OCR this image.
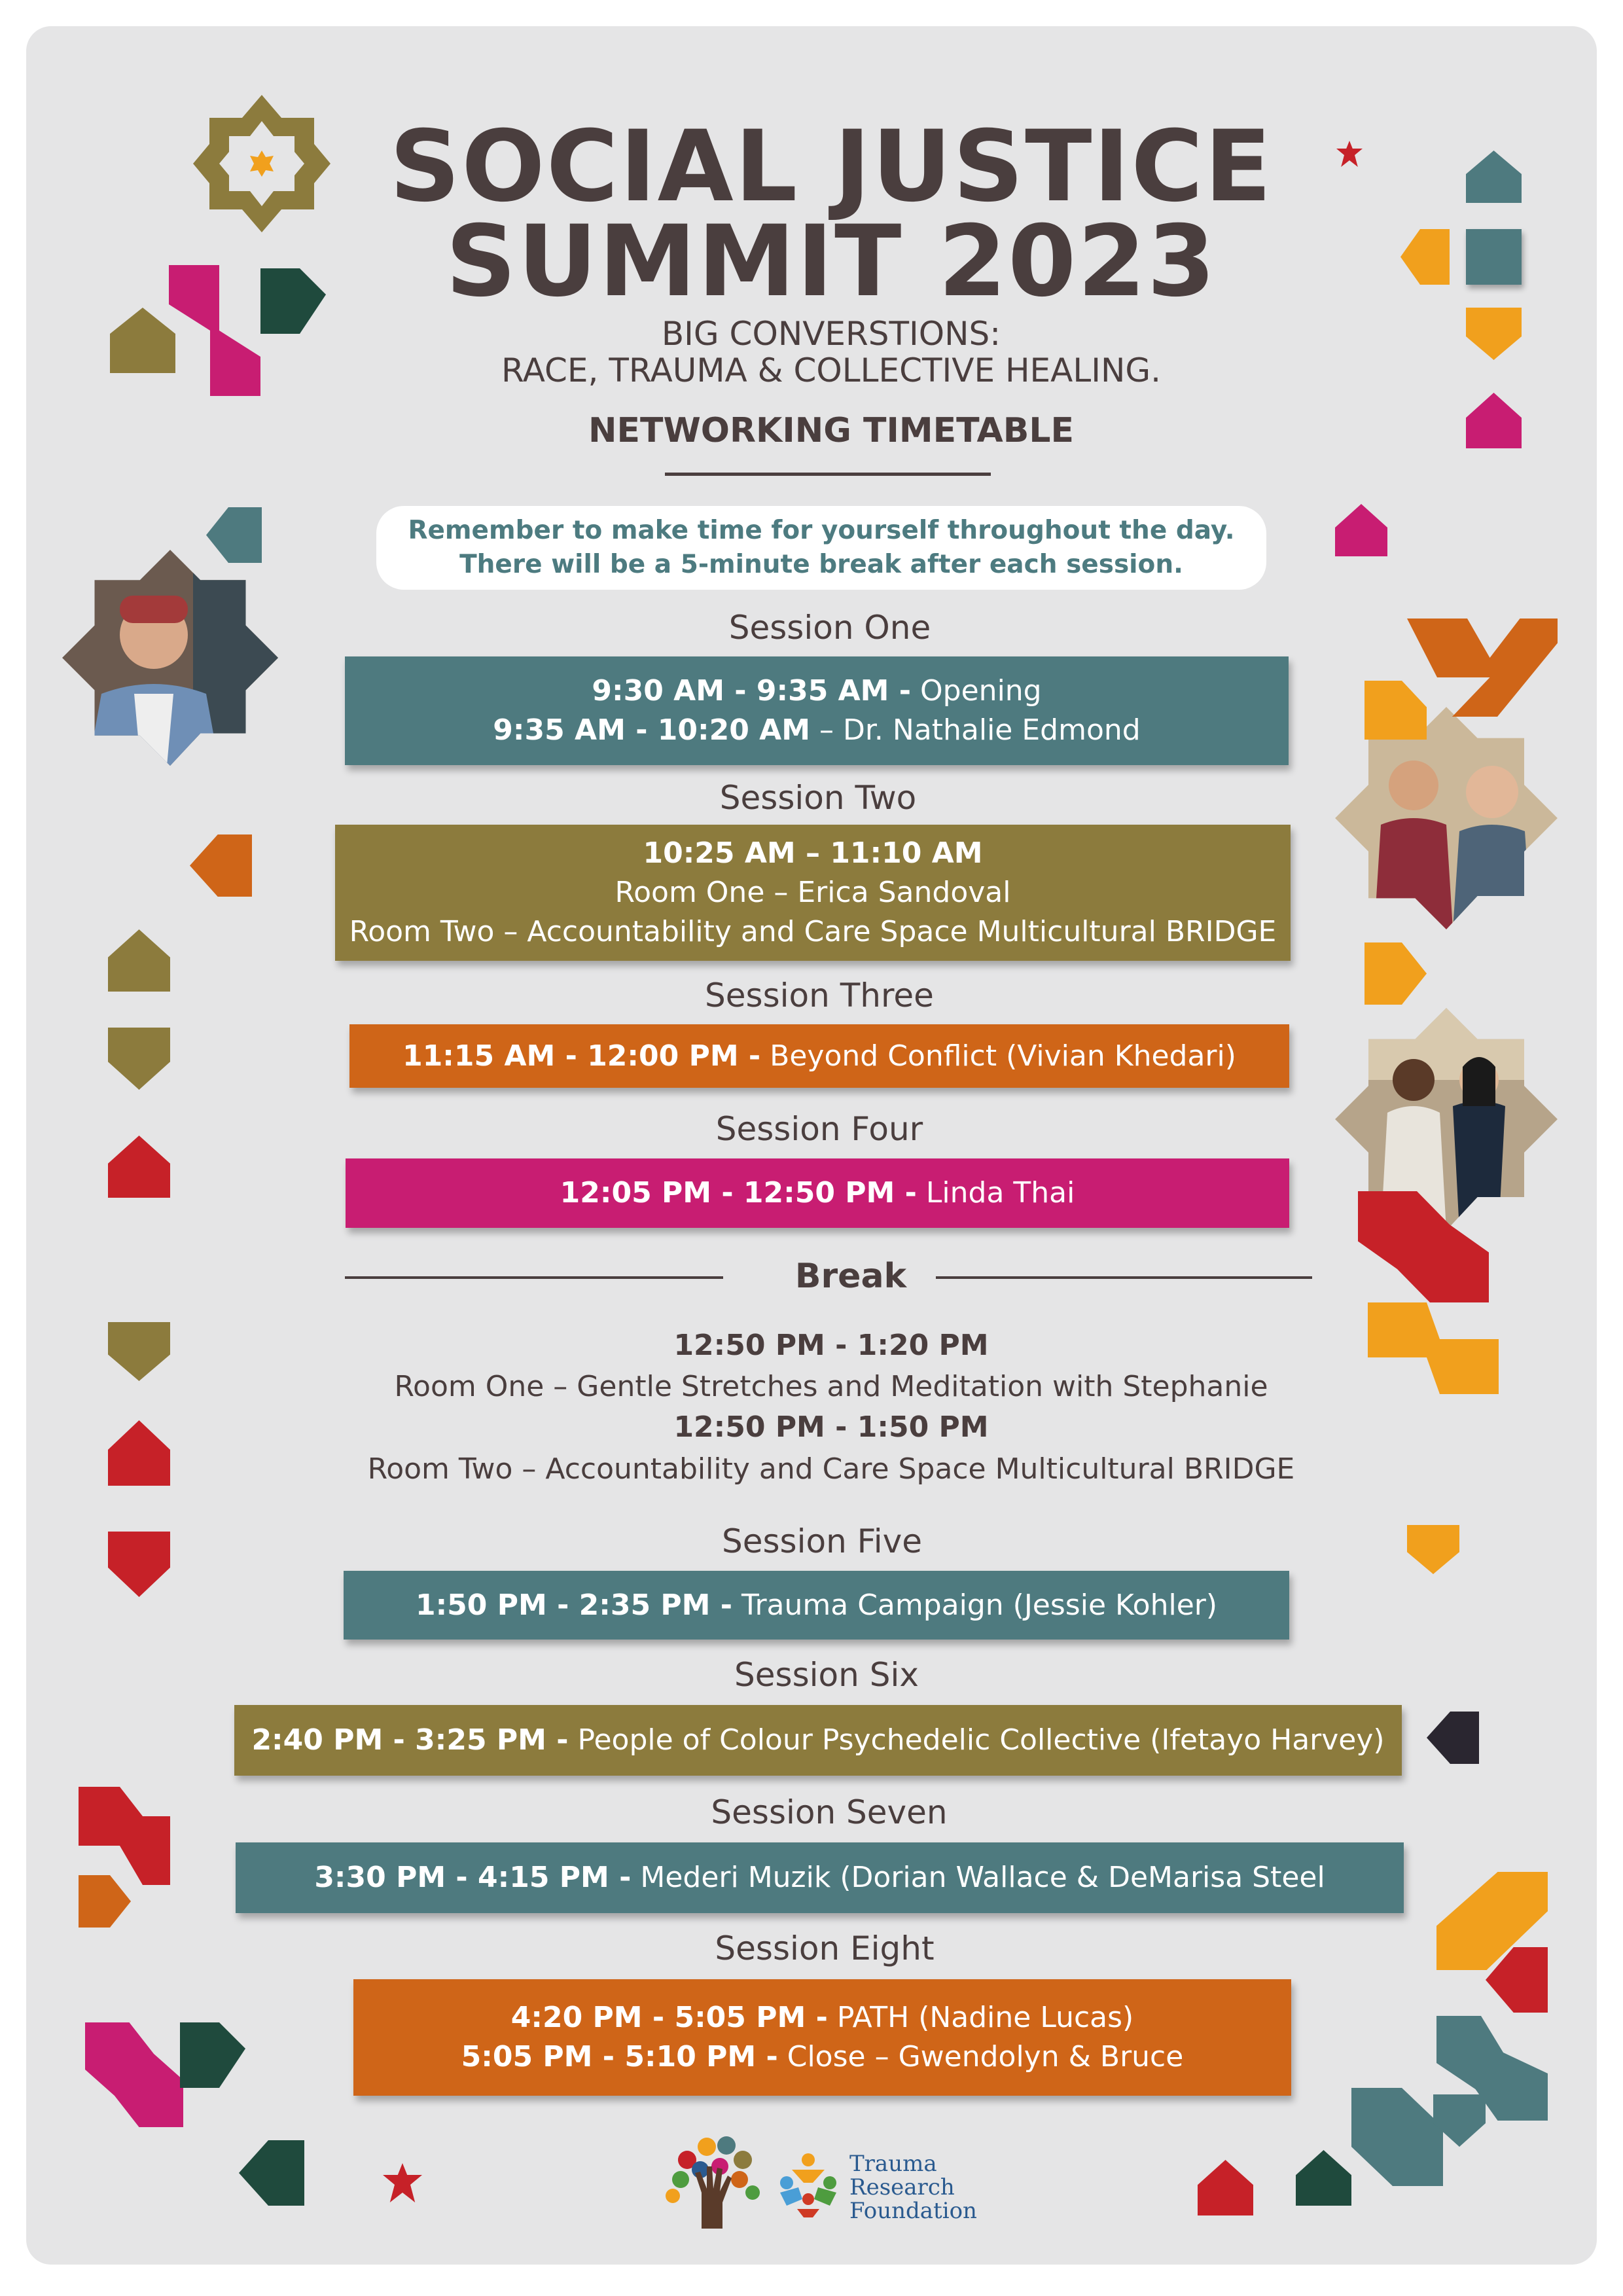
SOCIAL JUSTICE
SUMMIT 2023
BIG CONVERSTIONS:
RACE, TRAUMA & COLLECTIVE HEALING.
NETWORKING TIMETABLE
Remember to make time for yourself throughout the day.
There will be a 5-minute break after each session.
Session One
9:30 AM - 9:35 AM - Opening
9:35 AM - 10:20 AM – Dr. Nathalie Edmond
Session Two
10:25 AM – 11:10 AM
Room One – Erica Sandoval
Room Two – Accountability and Care Space Multicultural BRIDGE
Session Three
11:15 AM - 12:00 PM - Beyond Conflict (Vivian Khedari)
Session Four
12:05 PM - 12:50 PM - Linda Thai
Break
12:50 PM - 1:20 PM
Room One – Gentle Stretches and Meditation with Stephanie
12:50 PM - 1:50 PM
Room Two – Accountability and Care Space Multicultural BRIDGE
Session Five
1:50 PM - 2:35 PM - Trauma Campaign (Jessie Kohler)
Session Six
2:40 PM - 3:25 PM - People of Colour Psychedelic Collective (Ifetayo Harvey)
Session Seven
3:30 PM - 4:15 PM - Mederi Muzik (Dorian Wallace & DeMarisa Steel
Session Eight
4:20 PM - 5:05 PM - PATH (Nadine Lucas)
5:05 PM - 5:10 PM - Close – Gwendolyn & Bruce
Trauma
Research
Foundation
